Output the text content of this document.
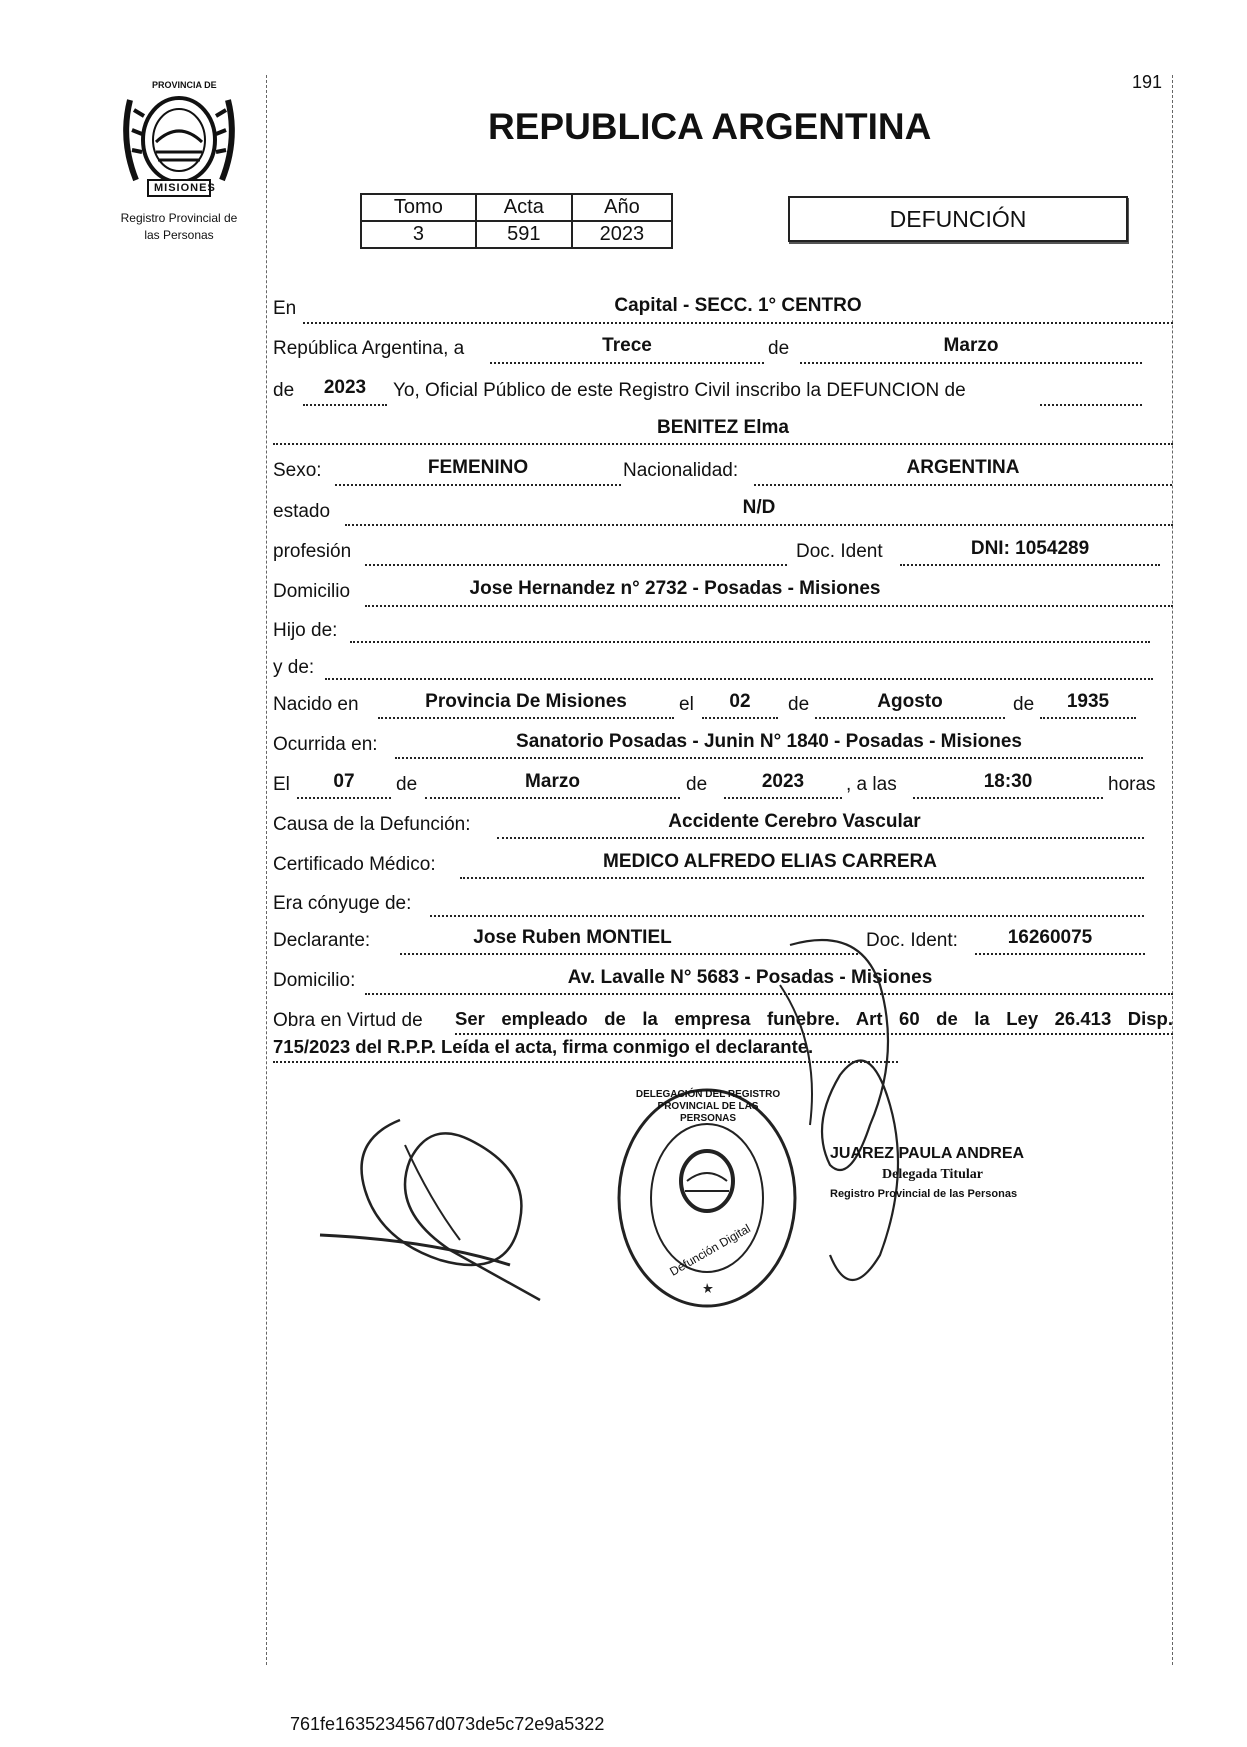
191
PROVINCIA DE
MISIONES
Registro Provincial de
las Personas
REPUBLICA ARGENTINA
Tomo	Acta	Año
3	591	2023
DEFUNCIÓN
En	Capital - SECC. 1° CENTRO
República Argentina, a	Trece	de	Marzo
de	2023	Yo, Oficial Público de este Registro Civil inscribo la DEFUNCION de
BENITEZ Elma
Sexo:	FEMENINO	Nacionalidad:	ARGENTINA
estado	N/D
profesión	Doc. Ident	DNI: 1054289
Domicilio	Jose Hernandez n° 2732 - Posadas - Misiones
Hijo de:
y de:
Nacido en	Provincia De Misiones	el	02	de	Agosto	de	1935
Ocurrida en:	Sanatorio Posadas - Junin N° 1840 - Posadas - Misiones
El	07	de	Marzo	de	2023	, a las	18:30	horas
Causa de la Defunción:	Accidente Cerebro Vascular
Certificado Médico:	MEDICO ALFREDO ELIAS CARRERA
Era cónyuge de:
Declarante:	Jose Ruben MONTIEL	Doc. Ident:	16260075
Domicilio:	Av. Lavalle N° 5683 - Posadas - Misiones
Obra en Virtud de Ser empleado de la empresa funebre. Art 60 de la Ley 26.413 Disp.
715/2023 del R.P.P. Leída el acta, firma conmigo el declarante.
DELEGACIÓN DEL REGISTRO PROVINCIAL DE LAS PERSONAS
Defunción Digital
JUAREZ PAULA ANDREA
Delegada Titular
Registro Provincial de las Personas
761fe1635234567d073de5c72e9a5322
